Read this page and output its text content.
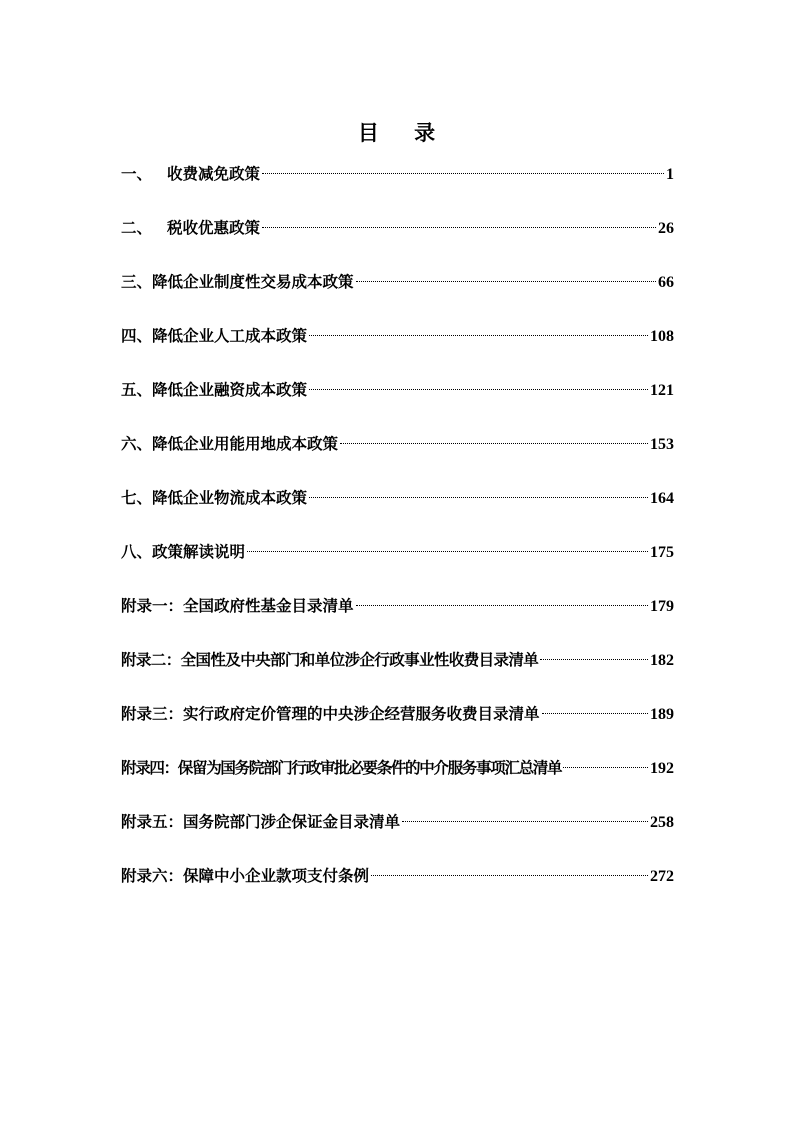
目 录
一、 收费减免政策	1
二、 税收优惠政策	26
三、降低企业制度性交易成本政策	66
四、降低企业人工成本政策	108
五、降低企业融资成本政策	121
六、降低企业用能用地成本政策	153
七、降低企业物流成本政策	164
八、政策解读说明	175
附录一：全国政府性基金目录清单	179
附录二：全国性及中央部门和单位涉企行政事业性收费目录清单	182
附录三：实行政府定价管理的中央涉企经营服务收费目录清单	189
附录四：保留为国务院部门行政审批必要条件的中介服务事项汇总清单	192
附录五：国务院部门涉企保证金目录清单	258
附录六：保障中小企业款项支付条例	272
